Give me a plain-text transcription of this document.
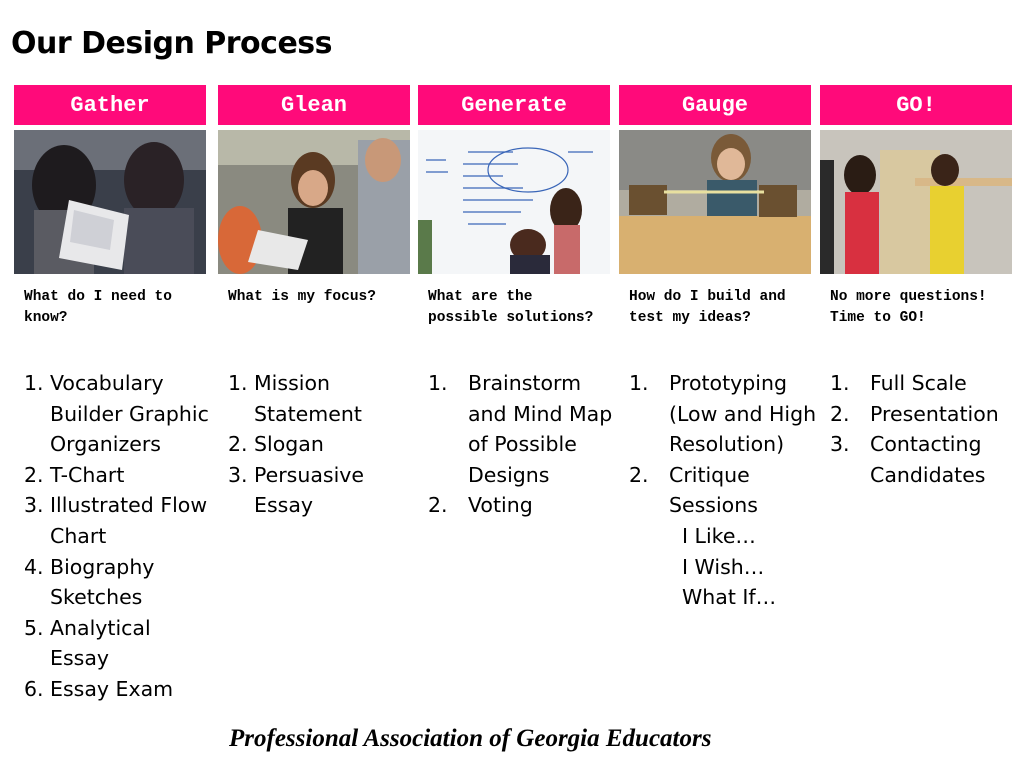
Our Design Process
Gather
What do I need to know?
1. Vocabulary Builder Graphic Organizers
2. T-Chart
3. Illustrated Flow Chart
4. Biography Sketches
5. Analytical Essay
6. Essay Exam
Glean
What is my focus?
1. Mission Statement
2. Slogan
3. Persuasive Essay
Generate
What are the possible solutions?
1. Brainstorm and Mind Map of Possible Designs
2. Voting
Gauge
How do I build and test my ideas?
1. Prototyping (Low and High Resolution)
2. Critique Sessions
I Like…
I Wish…
What If…
GO!
No more questions! Time to GO!
1. Full Scale
2. Presentation
3. Contacting Candidates
Professional Association of Georgia Educators
